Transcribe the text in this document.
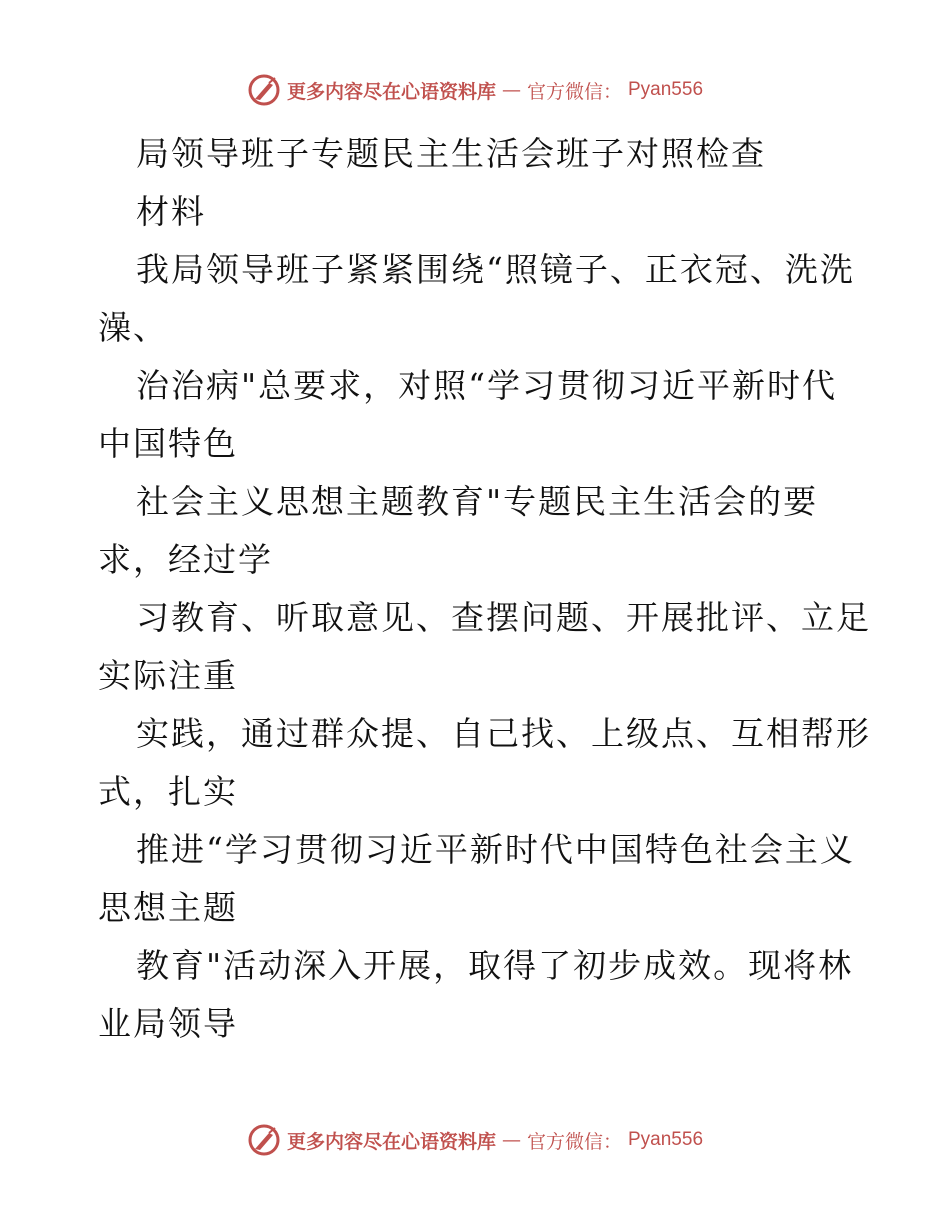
更多内容尽在心语资料库 — 官方微信： Pyan556
局领导班子专题民主生活会班子对照检查
材料
我局领导班子紧紧围绕“照镜子、正衣冠、洗洗
澡、
治治病"总要求，对照“学习贯彻习近平新时代
中国特色
社会主义思想主题教育"专题民主生活会的要
求，经过学
习教育、听取意见、查摆问题、开展批评、立足
实际注重
实践，通过群众提、自己找、上级点、互相帮形
式，扎实
推进“学习贯彻习近平新时代中国特色社会主义
思想主题
教育"活动深入开展，取得了初步成效。现将林
业局领导
更多内容尽在心语资料库 — 官方微信： Pyan556
